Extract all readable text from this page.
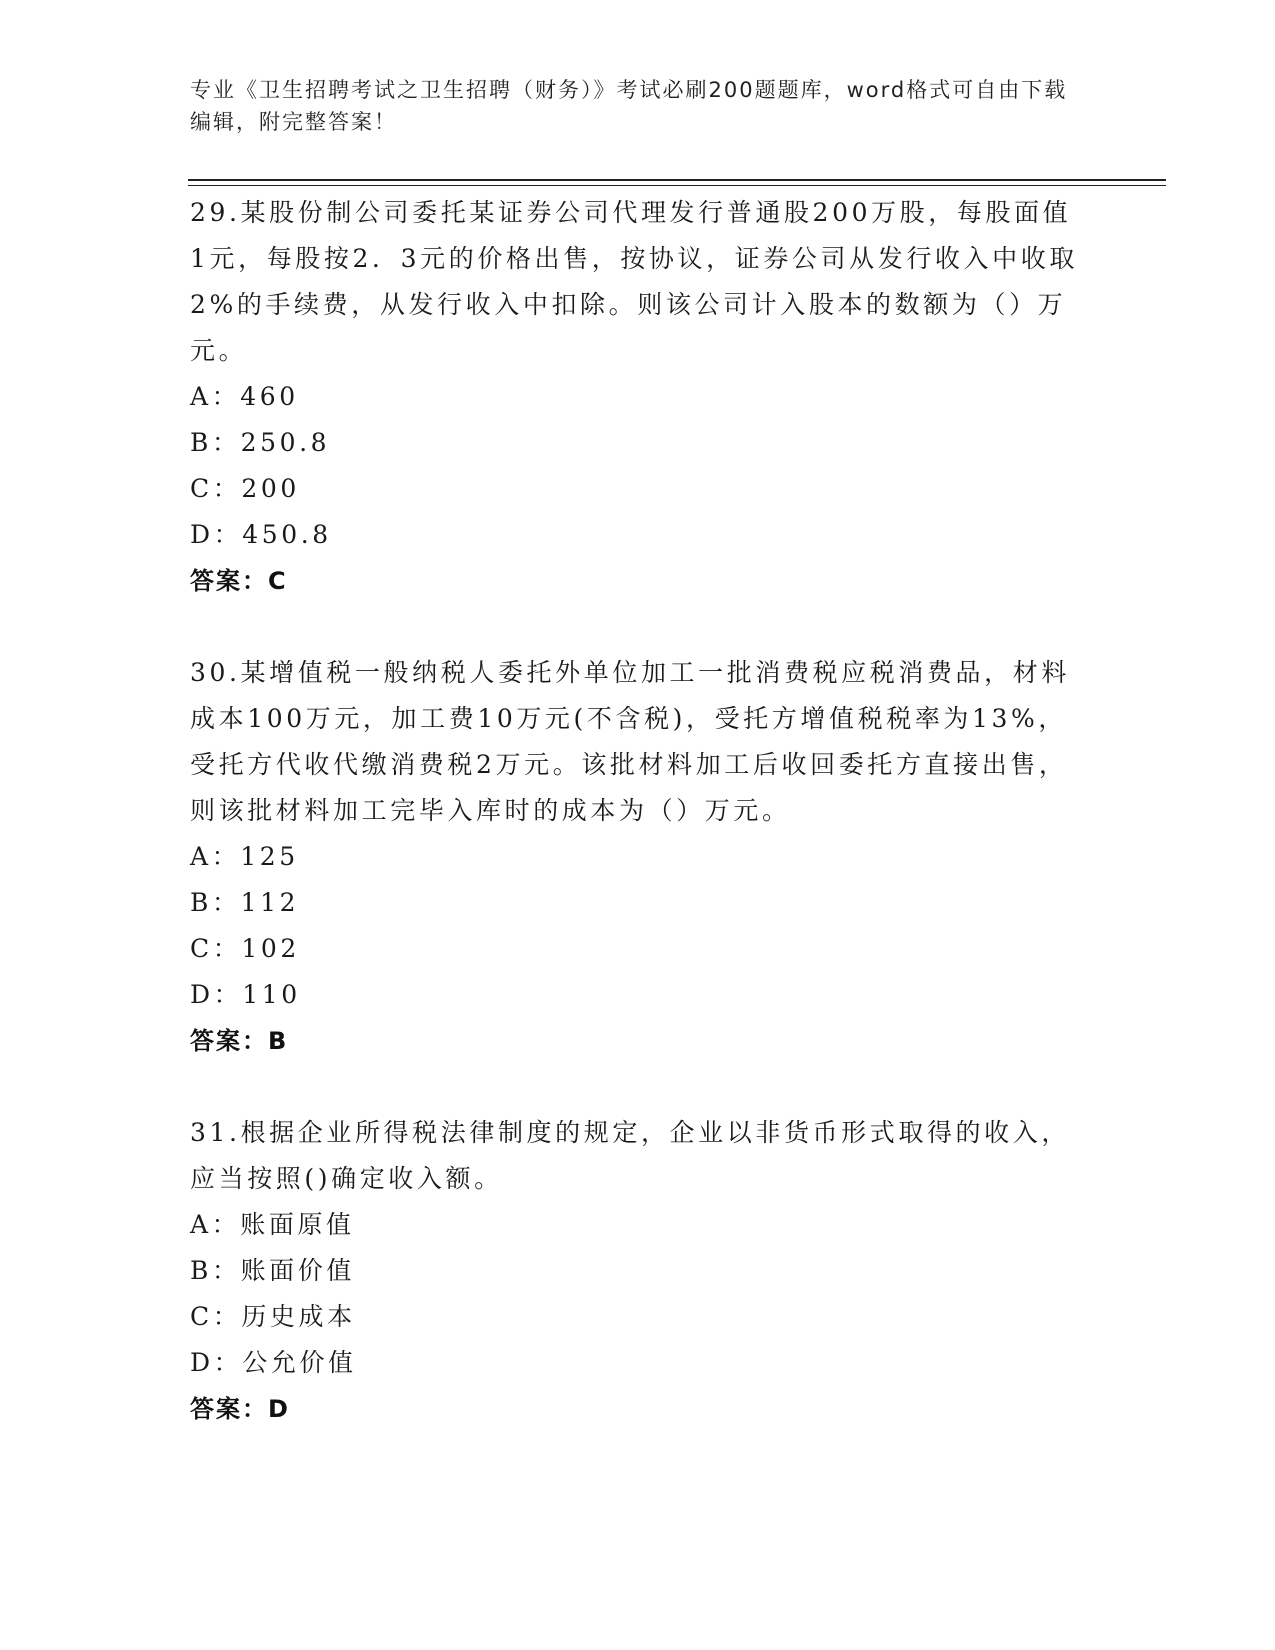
专业《卫生招聘考试之卫生招聘（财务）》考试必刷200题题库，word格式可自由下载编辑，附完整答案！

29.某股份制公司委托某证券公司代理发行普通股200万股，每股面值1元，每股按2．3元的价格出售，按协议，证券公司从发行收入中收取2%的手续费，从发行收入中扣除。则该公司计入股本的数额为（）万元。

A：460

B：250.8

C：200

D：450.8

答案：C

30.某增值税一般纳税人委托外单位加工一批消费税应税消费品，材料成本100万元，加工费10万元(不含税)，受托方增值税税率为13%，受托方代收代缴消费税2万元。该批材料加工后收回委托方直接出售，则该批材料加工完毕入库时的成本为（）万元。

A：125

B：112

C：102

D：110

答案：B

31.根据企业所得税法律制度的规定，企业以非货币形式取得的收入，应当按照()确定收入额。

A：账面原值

B：账面价值

C：历史成本

D：公允价值

答案：D
